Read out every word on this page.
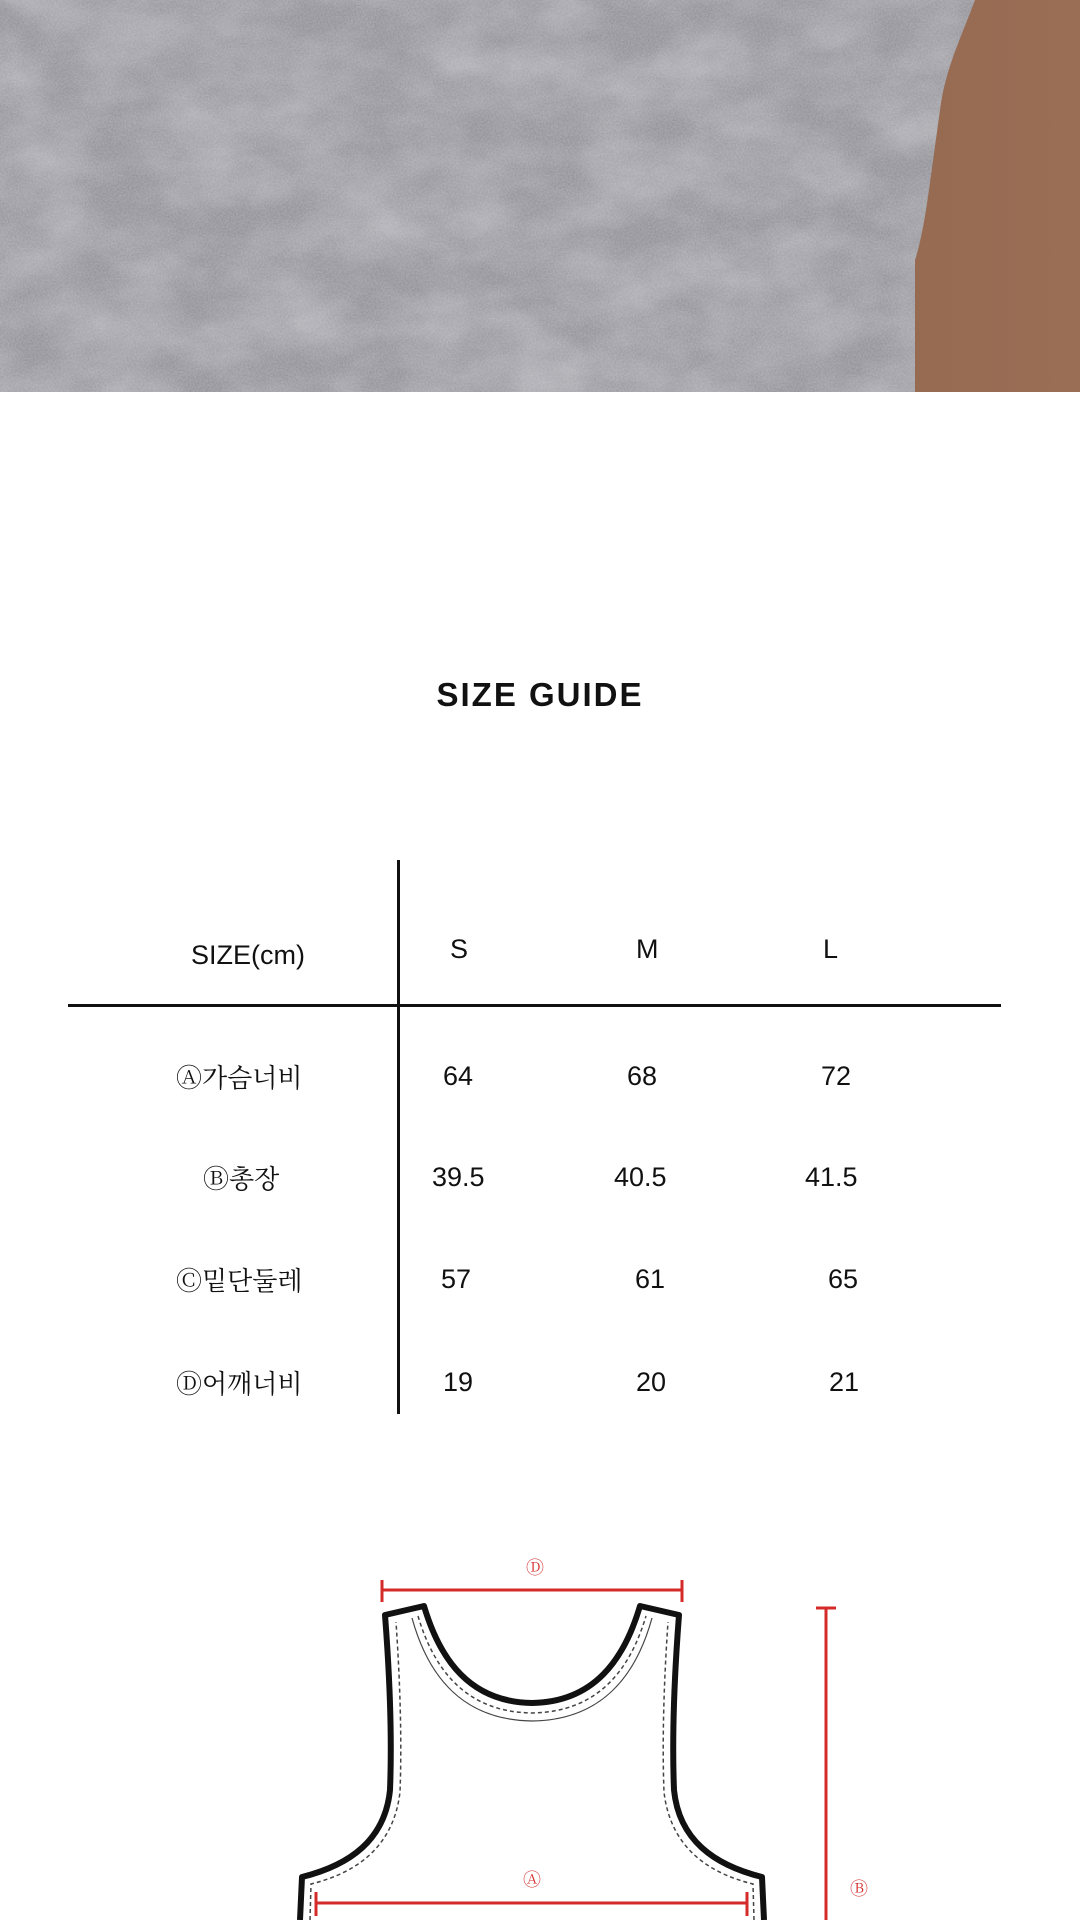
SIZE GUIDE
SIZE(cm)	S	M	L
Ⓐ가슴너비	64	68	72
Ⓑ총장	39.5	40.5	41.5
Ⓒ밑단둘레	57	61	65
Ⓓ어깨너비	19	20	21
Ⓓ
Ⓐ	Ⓑ
